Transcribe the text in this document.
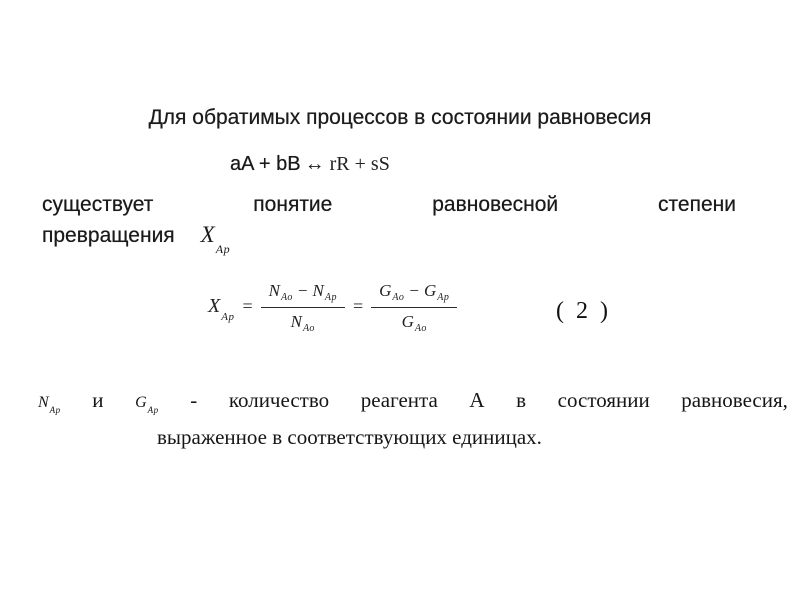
Для обратимых процессов в состоянии равновесия
aA + bB ↔ rR + sS
существует	понятие	равновесной	степени
превращения $X_{Ар}$
$X_{Ар}$
= $\frac{\text{N Ао − N Ар}}{\text{N Ао}} = \frac{\text{G Ао − G Ар}}{\text{G Ао}}$	( 2 )
$N_{Ар}$ и $G_{Ар}$ - количество реагента А в состоянии равновесия,
выраженное в соответствующих единицах.
